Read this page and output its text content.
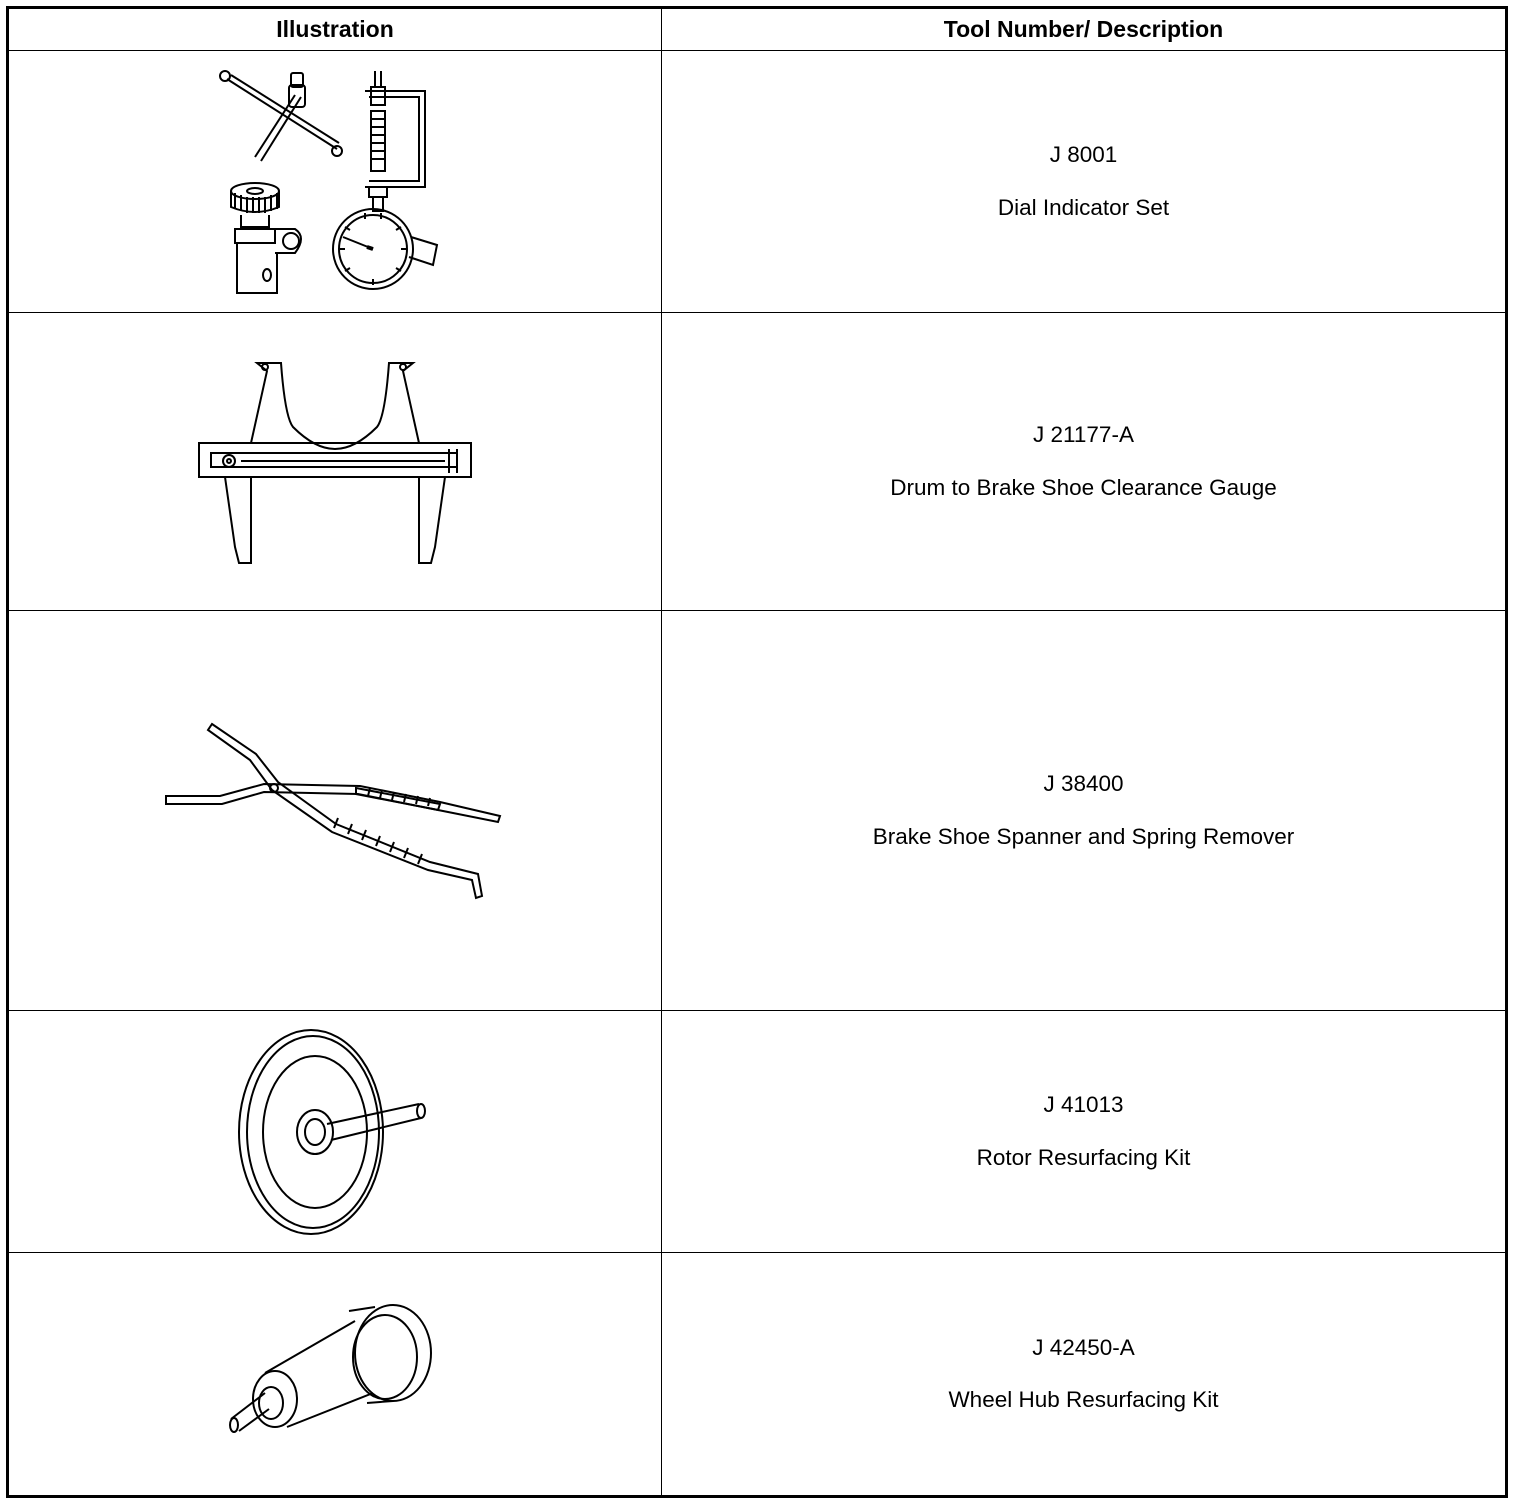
Illustration	Tool Number/ Description

J 8001
Dial Indicator Set

J 21177-A
Drum to Brake Shoe Clearance Gauge

J 38400
Brake Shoe Spanner and Spring Remover

J 41013
Rotor Resurfacing Kit

J 42450-A
Wheel Hub Resurfacing Kit
